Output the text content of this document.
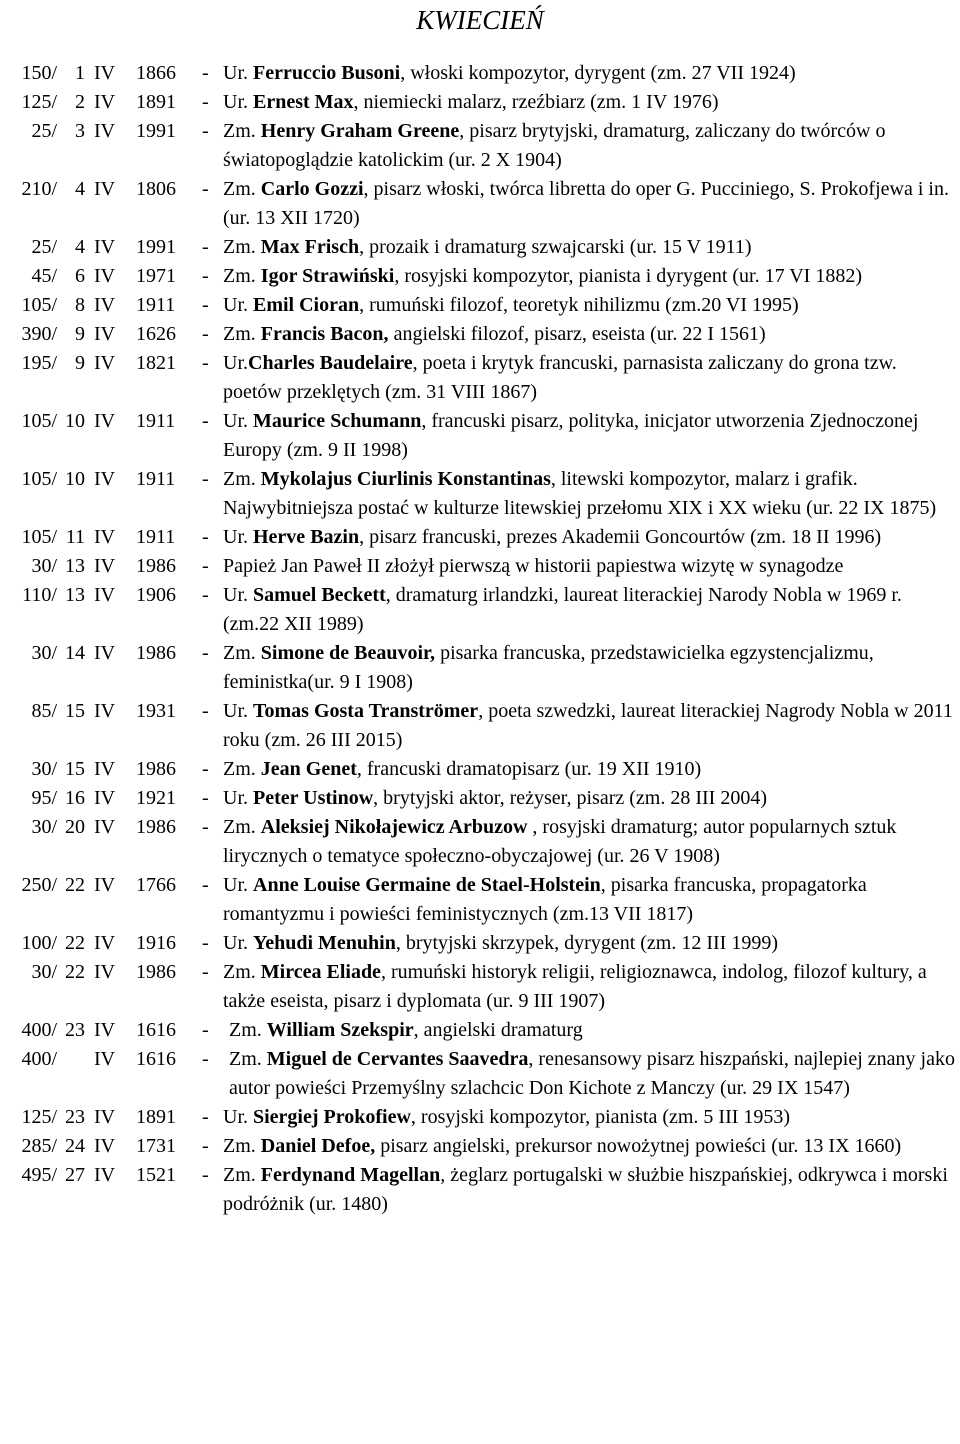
KWIECIEŃ
150/ 1 IV 1866 - Ur. Ferruccio Busoni, włoski kompozytor, dyrygent (zm. 27 VII 1924)
125/ 2 IV 1891 - Ur. Ernest Max, niemiecki malarz, rzeźbiarz (zm. 1 IV 1976)
25/ 3 IV 1991 - Zm. Henry Graham Greene, pisarz brytyjski, dramaturg, zaliczany do twórców o światopoglądzie katolickim (ur. 2 X 1904)
210/ 4 IV 1806 - Zm. Carlo Gozzi, pisarz włoski, twórca libretta do oper G. Pucciniego, S. Prokofjewa i in.(ur. 13 XII 1720)
25/ 4 IV 1991 - Zm. Max Frisch, prozaik i dramaturg szwajcarski (ur. 15 V 1911)
45/ 6 IV 1971 - Zm. Igor Strawiński, rosyjski kompozytor, pianista i dyrygent (ur. 17 VI 1882)
105/ 8 IV 1911 - Ur. Emil Cioran, rumuński filozof, teoretyk nihilizmu (zm.20 VI 1995)
390/ 9 IV 1626 - Zm. Francis Bacon, angielski filozof, pisarz, eseista (ur. 22 I 1561)
195/ 9 IV 1821 - Ur.Charles Baudelaire, poeta i krytyk francuski, parnasista zaliczany do grona tzw. poetów przeklętych (zm. 31 VIII 1867)
105/ 10 IV 1911 - Ur. Maurice Schumann, francuski pisarz, polityka, inicjator utworzenia Zjednoczonej Europy (zm. 9 II 1998)
105/ 10 IV 1911 - Zm. Mykolajus Ciurlinis Konstantinas, litewski kompozytor, malarz i grafik. Najwybitniejsza postać w kulturze litewskiej przełomu XIX i XX wieku (ur. 22 IX 1875)
105/ 11 IV 1911 - Ur. Herve Bazin, pisarz francuski, prezes Akademii Goncourtów (zm. 18 II 1996)
30/ 13 IV 1986 - Papież Jan Paweł II złożył pierwszą w historii papiestwa wizytę w synagodze
110/ 13 IV 1906 - Ur. Samuel Beckett, dramaturg irlandzki, laureat literackiej Narody Nobla w 1969 r. (zm.22 XII 1989)
30/ 14 IV 1986 - Zm. Simone de Beauvoir, pisarka francuska, przedstawicielka egzystencjalizmu, feministka(ur. 9 I 1908)
85/ 15 IV 1931 - Ur. Tomas Gosta Tranströmer, poeta szwedzki, laureat literackiej Nagrody Nobla w 2011 roku (zm. 26 III 2015)
30/ 15 IV 1986 - Zm. Jean Genet, francuski dramatopisarz (ur. 19 XII 1910)
95/ 16 IV 1921 - Ur. Peter Ustinow, brytyjski aktor, reżyser, pisarz (zm. 28 III 2004)
30/ 20 IV 1986 - Zm. Aleksiej Nikołajewicz Arbuzow , rosyjski dramaturg; autor popularnych sztuk lirycznych o tematyce społeczno-obyczajowej (ur. 26 V 1908)
250/ 22 IV 1766 - Ur. Anne Louise Germaine de Stael-Holstein, pisarka francuska, propagatorka romantyzmu i powieści feministycznych (zm.13 VII 1817)
100/ 22 IV 1916 - Ur. Yehudi Menuhin, brytyjski skrzypek, dyrygent (zm. 12 III 1999)
30/ 22 IV 1986 - Zm. Mircea Eliade, rumuński historyk religii, religioznawca, indolog, filozof kultury, a także eseista, pisarz i dyplomata (ur. 9 III 1907)
400/ 23 IV 1616 - Zm. William Szekspir, angielski dramaturg
400/ IV 1616 - Zm. Miguel de Cervantes Saavedra, renesansowy pisarz hiszpański, najlepiej znany jako autor powieści Przemyślny szlachcic Don Kichote z Manczy (ur. 29 IX 1547)
125/ 23 IV 1891 - Ur. Siergiej Prokofiew, rosyjski kompozytor, pianista (zm. 5 III 1953)
285/ 24 IV 1731 - Zm. Daniel Defoe, pisarz angielski, prekursor nowożytnej powieści (ur. 13 IX 1660)
495/ 27 IV 1521 - Zm. Ferdynand Magellan, żeglarz portugalski w służbie hiszpańskiej, odkrywca i morski podróżnik (ur. 1480)
